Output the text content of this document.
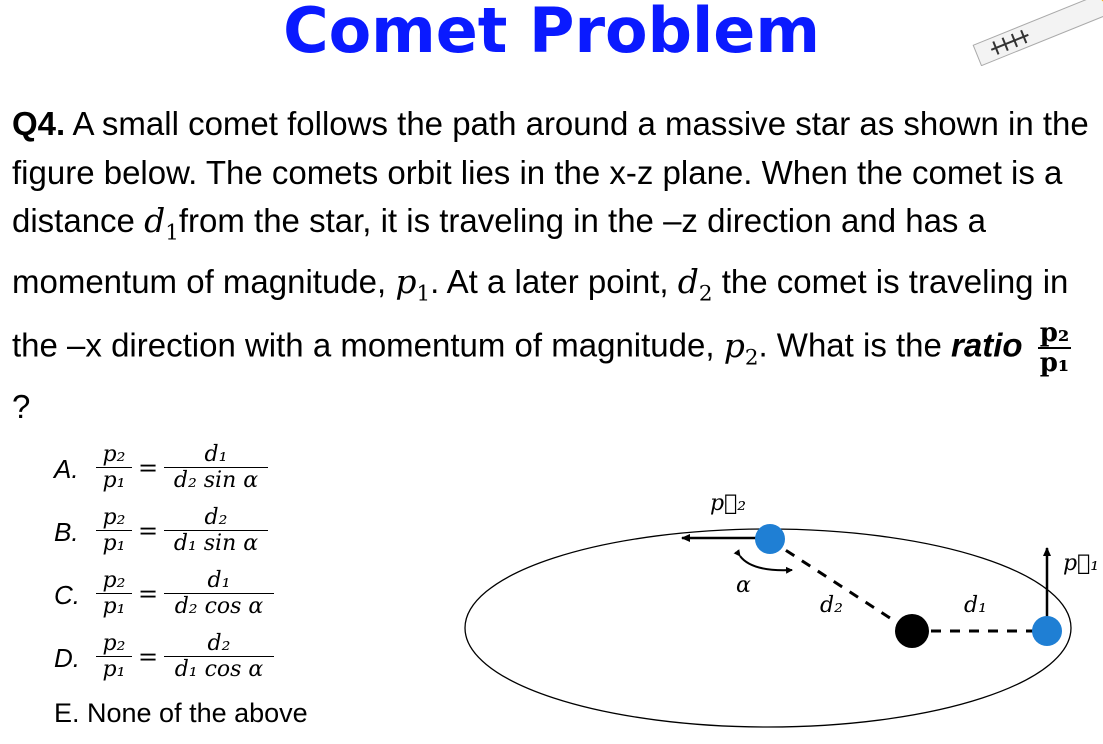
Comet Problem
Q4. A small comet follows the path around a massive star as shown in the figure below. The comets orbit lies in the x-z plane. When the comet is a distance $d_1from$ the star, it is traveling in the –z direction and has a momentum of magnitude, $p_1$. At a later point, $d_2$ the comet is traveling in the –x direction with a momentum of magnitude, $p_2$. What is the ratio $\frac{\text{p₂}}{\text{p₁}}$
?
A. p₂
p₁ =	d₁
d₂ sin α
B. p₂
p₁ =	d₂
d₁ sin α
C. p₂
p₁ =	d₁
d₂ cos α
D. p₂
p₁ =	d₂
d₁ cos α
E. None of the above
p⃗₂
p⃗₁
α
d₂	d₁
